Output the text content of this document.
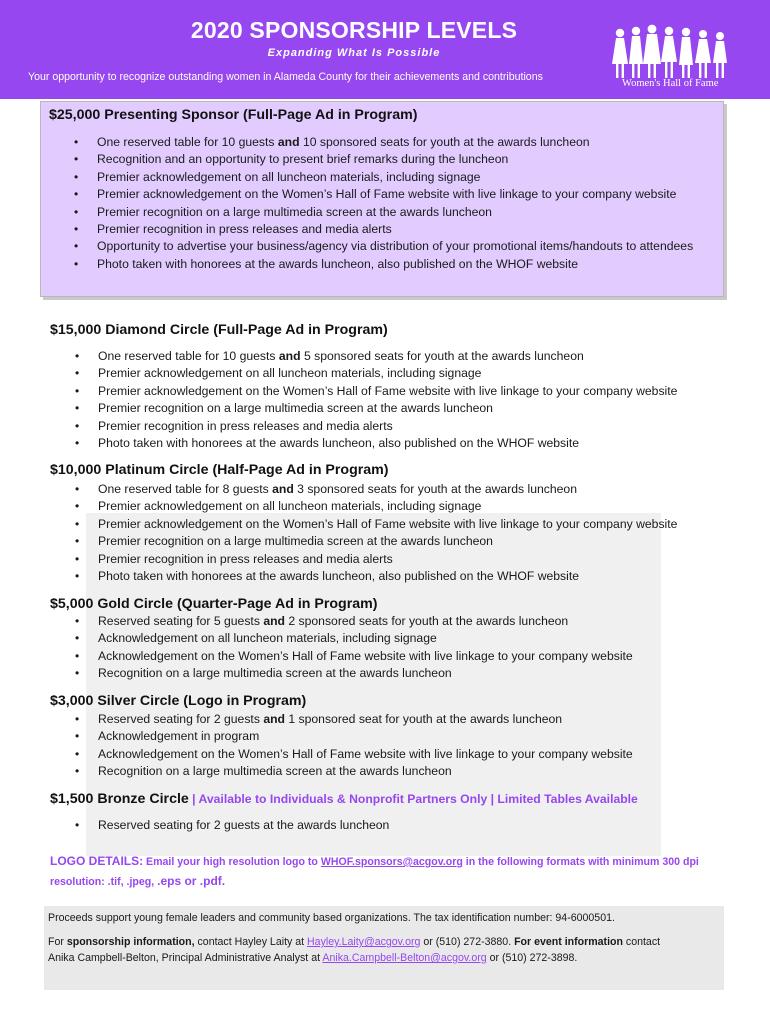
2020 SPONSORSHIP LEVELS
Expanding What Is Possible
Your opportunity to recognize outstanding women in Alameda County for their achievements and contributions
Women's Hall of Fame
$25,000 Presenting Sponsor (Full-Page Ad in Program)
• One reserved table for 10 guests and 10 sponsored seats for youth at the awards luncheon
• Recognition and an opportunity to present brief remarks during the luncheon
• Premier acknowledgement on all luncheon materials, including signage
• Premier acknowledgement on the Women’s Hall of Fame website with live linkage to your company website
• Premier recognition on a large multimedia screen at the awards luncheon
• Premier recognition in press releases and media alerts
• Opportunity to advertise your business/agency via distribution of your promotional items/handouts to attendees
• Photo taken with honorees at the awards luncheon, also published on the WHOF website
$15,000 Diamond Circle (Full-Page Ad in Program)
• One reserved table for 10 guests and 5 sponsored seats for youth at the awards luncheon
• Premier acknowledgement on all luncheon materials, including signage
• Premier acknowledgement on the Women’s Hall of Fame website with live linkage to your company website
• Premier recognition on a large multimedia screen at the awards luncheon
• Premier recognition in press releases and media alerts
• Photo taken with honorees at the awards luncheon, also published on the WHOF website
$10,000 Platinum Circle (Half-Page Ad in Program)
• One reserved table for 8 guests and 3 sponsored seats for youth at the awards luncheon
• Premier acknowledgement on all luncheon materials, including signage
• Premier acknowledgement on the Women’s Hall of Fame website with live linkage to your company website
• Premier recognition on a large multimedia screen at the awards luncheon
• Premier recognition in press releases and media alerts
• Photo taken with honorees at the awards luncheon, also published on the WHOF website
$5,000 Gold Circle (Quarter-Page Ad in Program)
• Reserved seating for 5 guests and 2 sponsored seats for youth at the awards luncheon
• Acknowledgement on all luncheon materials, including signage
• Acknowledgement on the Women’s Hall of Fame website with live linkage to your company website
• Recognition on a large multimedia screen at the awards luncheon
$3,000 Silver Circle (Logo in Program)
• Reserved seating for 2 guests and 1 sponsored seat for youth at the awards luncheon
• Acknowledgement in program
• Acknowledgement on the Women’s Hall of Fame website with live linkage to your company website
• Recognition on a large multimedia screen at the awards luncheon
$1,500 Bronze Circle | Available to Individuals & Nonprofit Partners Only | Limited Tables Available
• Reserved seating for 2 guests at the awards luncheon
LOGO DETAILS: Email your high resolution logo to WHOF.sponsors@acgov.org in the following formats with minimum 300 dpi
resolution: .tif, .jpeg, .eps or .pdf.

Proceeds support young female leaders and community based organizations. The tax identification number: 94-6000501.

For sponsorship information, contact Hayley Laity at Hayley.Laity@acgov.org or (510) 272-3880. For event information contact

Anika Campbell-Belton, Principal Administrative Analyst at Anika.Campbell-Belton@acgov.org or (510) 272-3898.
